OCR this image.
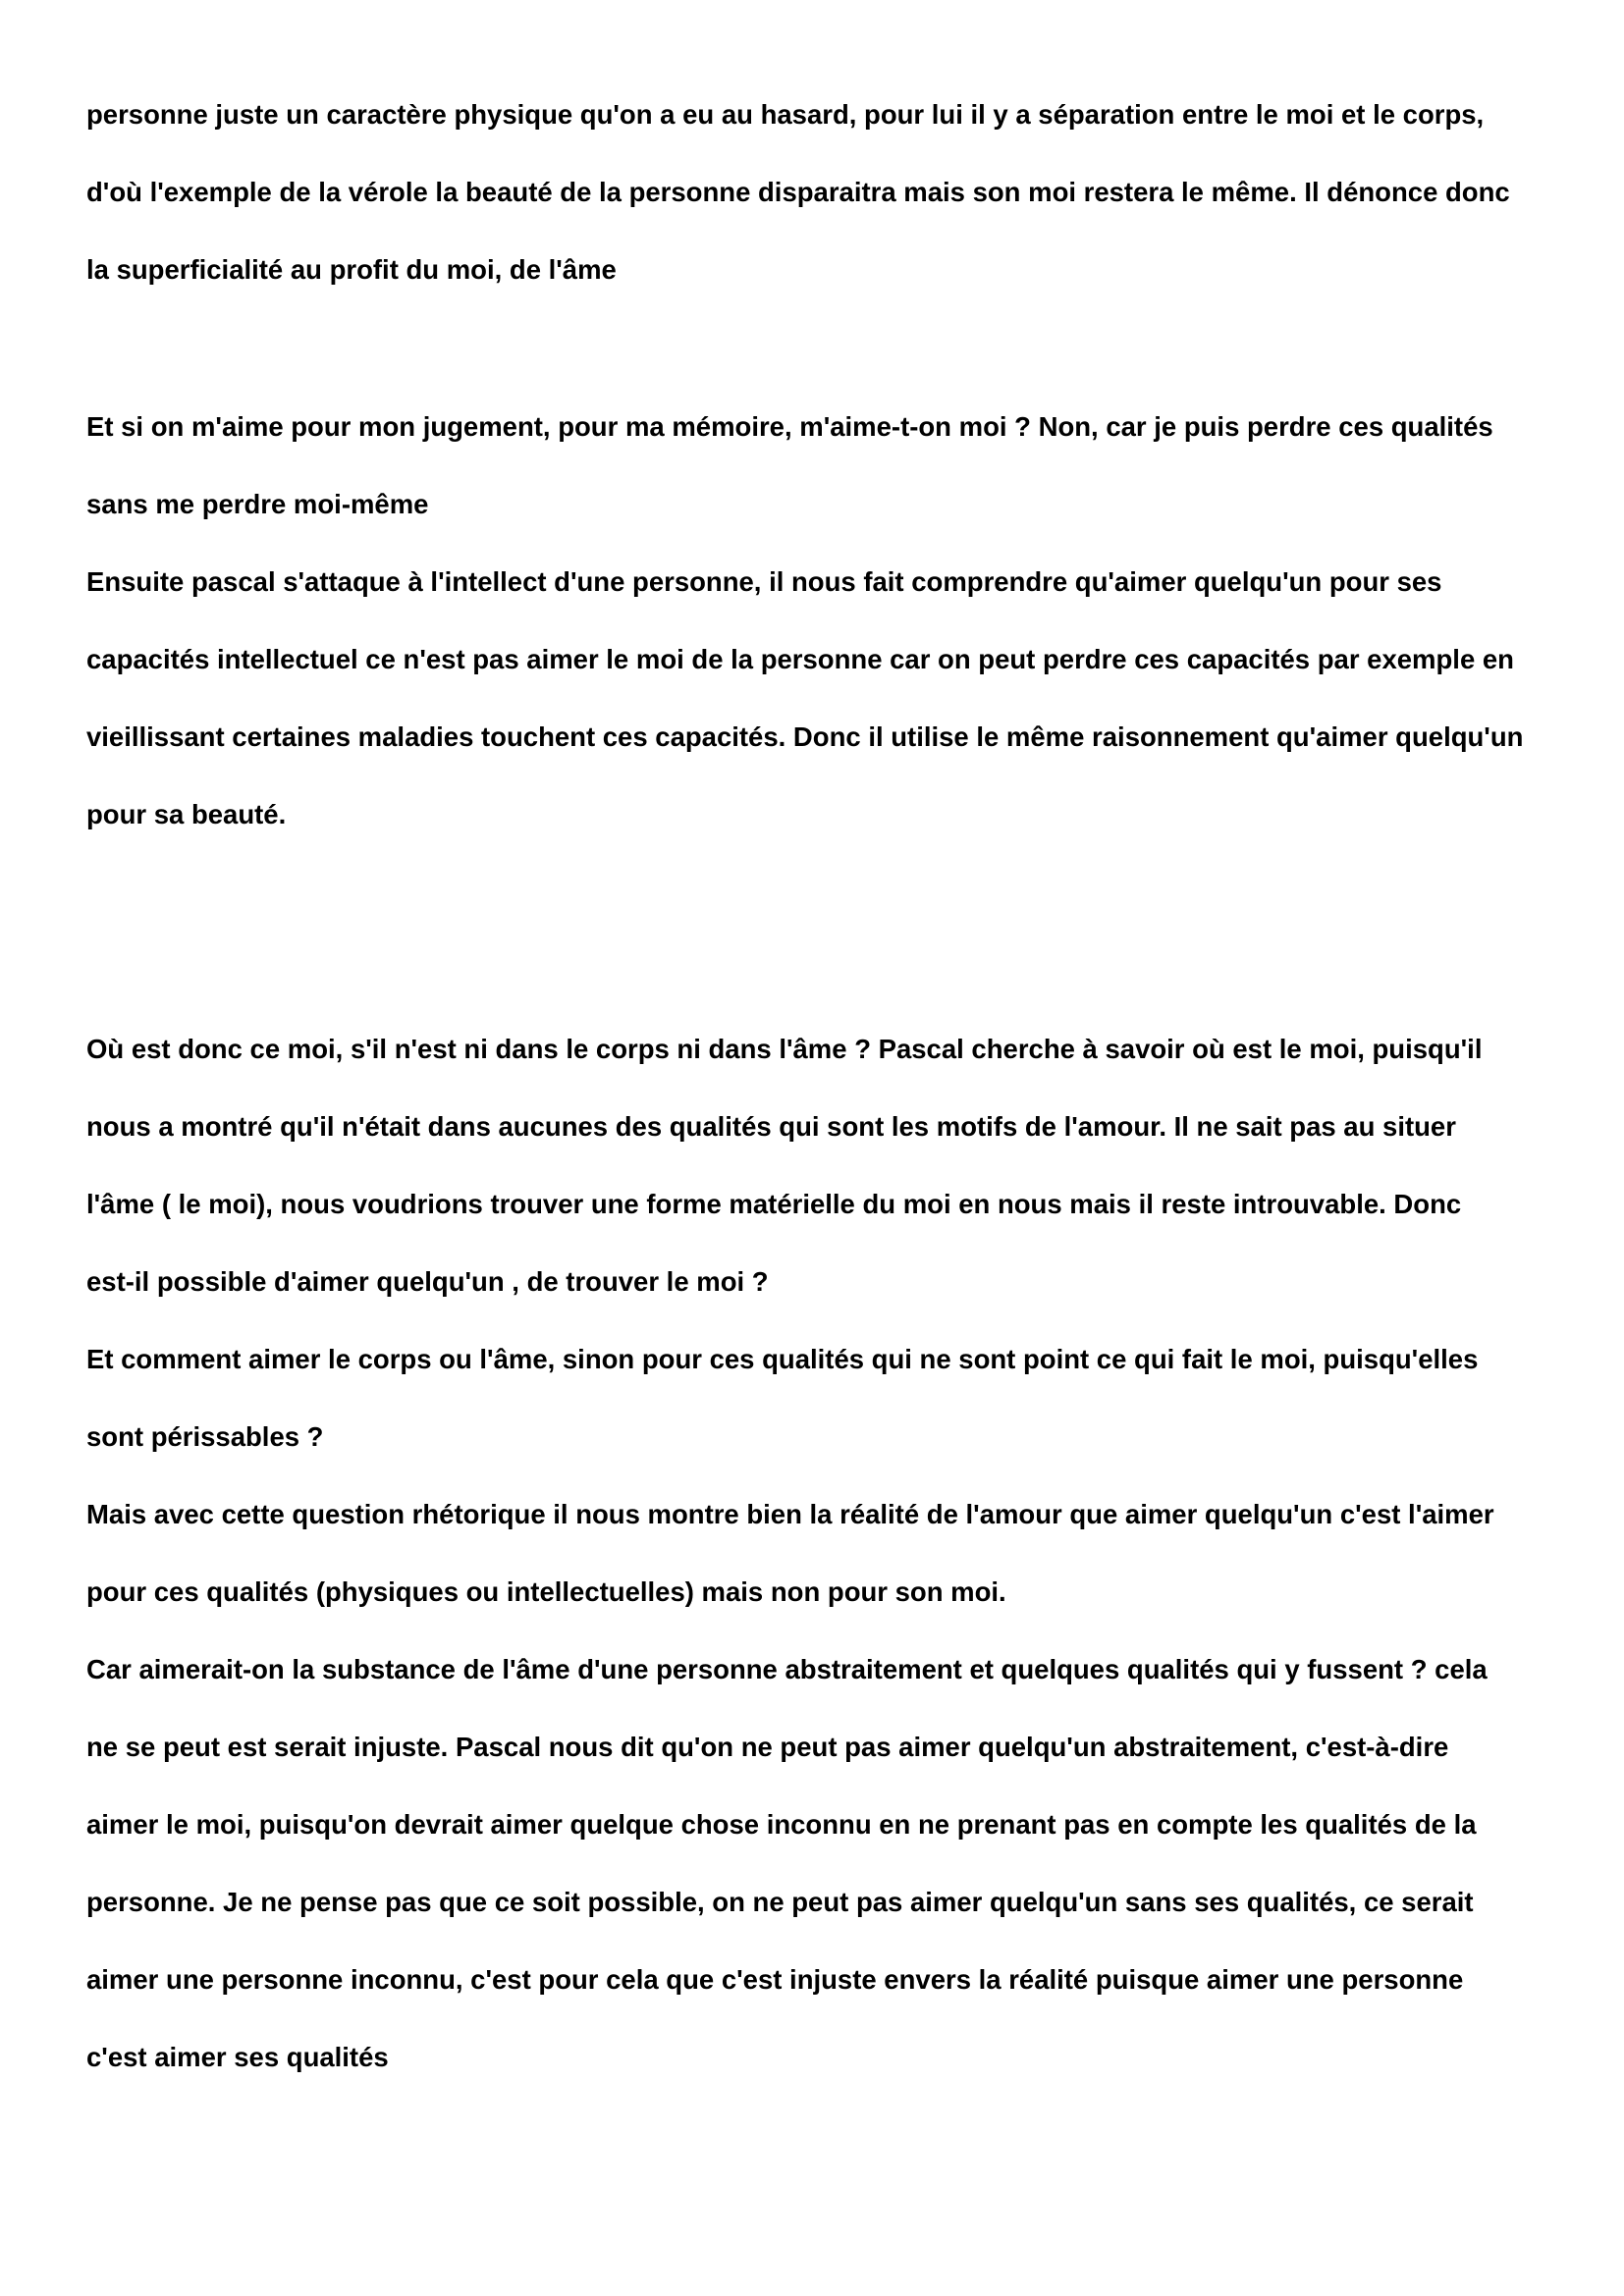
personne juste un caractère physique qu'on a eu au hasard, pour lui il y a séparation entre le moi et le corps,

d'où l'exemple de la vérole la beauté de la personne disparaitra mais son moi restera le même. Il dénonce donc

la superficialité au profit du moi, de l'âme

Et si on m'aime pour mon jugement, pour ma mémoire, m'aime-t-on moi ? Non, car je puis perdre ces qualités

sans me perdre moi-même

Ensuite pascal s'attaque à l'intellect d'une personne, il nous fait comprendre qu'aimer quelqu'un pour ses

capacités intellectuel ce n'est pas aimer le moi de la personne car on peut perdre ces capacités par exemple en

vieillissant certaines maladies touchent ces capacités. Donc il utilise le même raisonnement qu'aimer quelqu'un

pour sa beauté.

Où est donc ce moi, s'il n'est ni dans le corps ni dans l'âme ? Pascal cherche à savoir où est le moi, puisqu'il

nous a montré qu'il n'était dans aucunes des qualités qui sont les motifs de l'amour. Il ne sait pas au situer

l'âme ( le moi), nous voudrions trouver une forme matérielle du moi en nous mais il reste introuvable. Donc

est-il possible d'aimer quelqu'un , de trouver le moi ?

Et comment aimer le corps ou l'âme, sinon pour ces qualités qui ne sont point ce qui fait le moi, puisqu'elles

sont périssables ?

Mais avec cette question rhétorique il nous montre bien la réalité de l'amour que aimer quelqu'un c'est l'aimer

pour ces qualités (physiques ou intellectuelles) mais non pour son moi.

Car aimerait-on la substance de l'âme d'une personne abstraitement et quelques qualités qui y fussent ? cela

ne se peut est serait injuste. Pascal nous dit qu'on ne peut pas aimer quelqu'un abstraitement, c'est-à-dire

aimer le moi, puisqu'on devrait aimer quelque chose inconnu en ne prenant pas en compte les qualités de la

personne. Je ne pense pas que ce soit possible, on ne peut pas aimer quelqu'un sans ses qualités, ce serait

aimer une personne inconnu, c'est pour cela que c'est injuste envers la réalité puisque aimer une personne

c'est aimer ses qualités
